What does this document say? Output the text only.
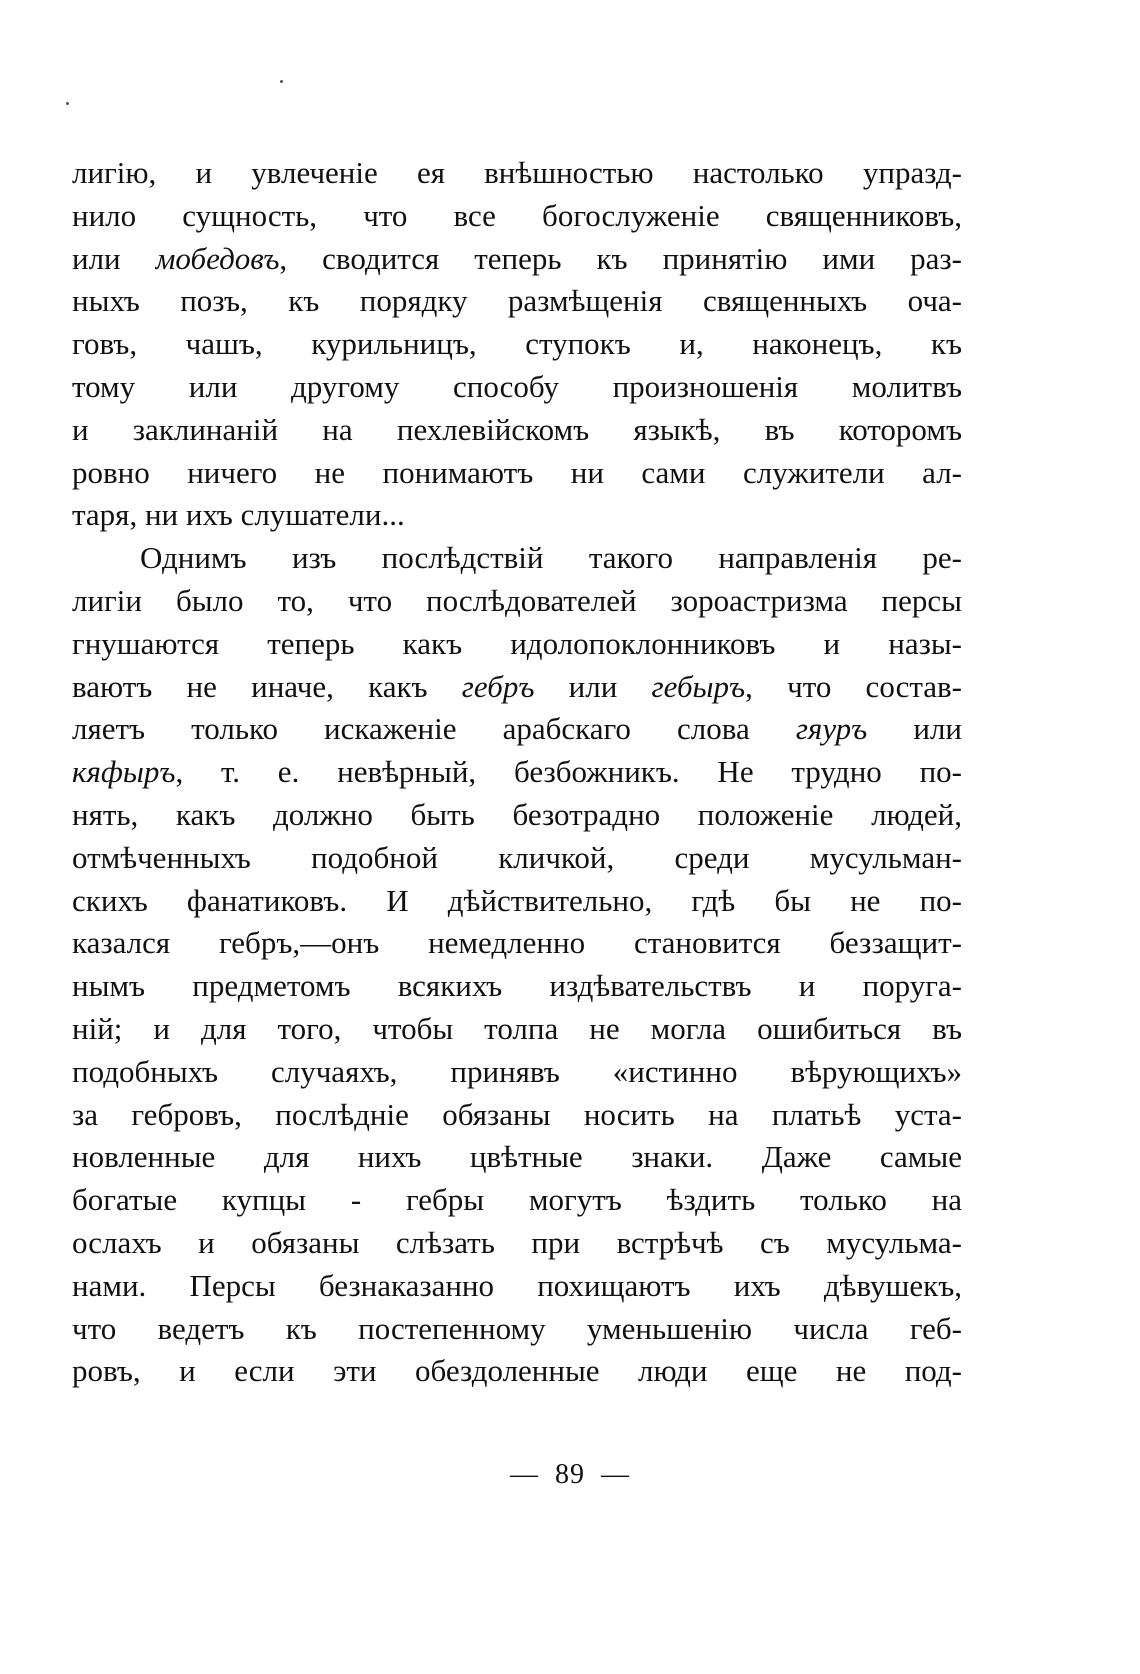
лигію, и увлеченіе ея внѣшностью настолько упразд-
нило сущность, что все богослуженіе священниковъ,
или мобедовъ, сводится теперь къ принятію ими раз-
ныхъ позъ, къ порядку размѣщенія священныхъ оча-
говъ, чашъ, курильницъ, ступокъ и, наконецъ, къ
тому или другому способу произношенія молитвъ
и заклинаній на пехлевійскомъ языкѣ, въ которомъ
ровно ничего не понимаютъ ни сами служители ал-
таря, ни ихъ слушатели...
Однимъ изъ послѣдствій такого направленія ре-
лигіи было то, что послѣдователей зороастризма персы
гнушаются теперь какъ идолопоклонниковъ и назы-
ваютъ не иначе, какъ гебръ или гебыръ, что состав-
ляетъ только искаженіе арабскаго слова гяуръ или
кяфыръ, т. е. невѣрный, безбожникъ. Не трудно по-
нять, какъ должно быть безотрадно положеніе людей,
отмѣченныхъ подобной кличкой, среди мусульман-
скихъ фанатиковъ. И дѣйствительно, гдѣ бы не по-
казался гебръ,—онъ немедленно становится беззащит-
нымъ предметомъ всякихъ издѣвательствъ и поруга-
ній; и для того, чтобы толпа не могла ошибиться въ
подобныхъ случаяхъ, принявъ «истинно вѣрующихъ»
за гебровъ, послѣдніе обязаны носить на платьѣ уста-
новленные для нихъ цвѣтные знаки. Даже самые
богатые купцы - гебры могутъ ѣздить только на
ослахъ и обязаны слѣзать при встрѣчѣ съ мусульма-
нами. Персы безнаказанно похищаютъ ихъ дѣвушекъ,
что ведетъ къ постепенному уменьшенію числа геб-
ровъ, и если эти обездоленные люди еще не под-
— 89 —
